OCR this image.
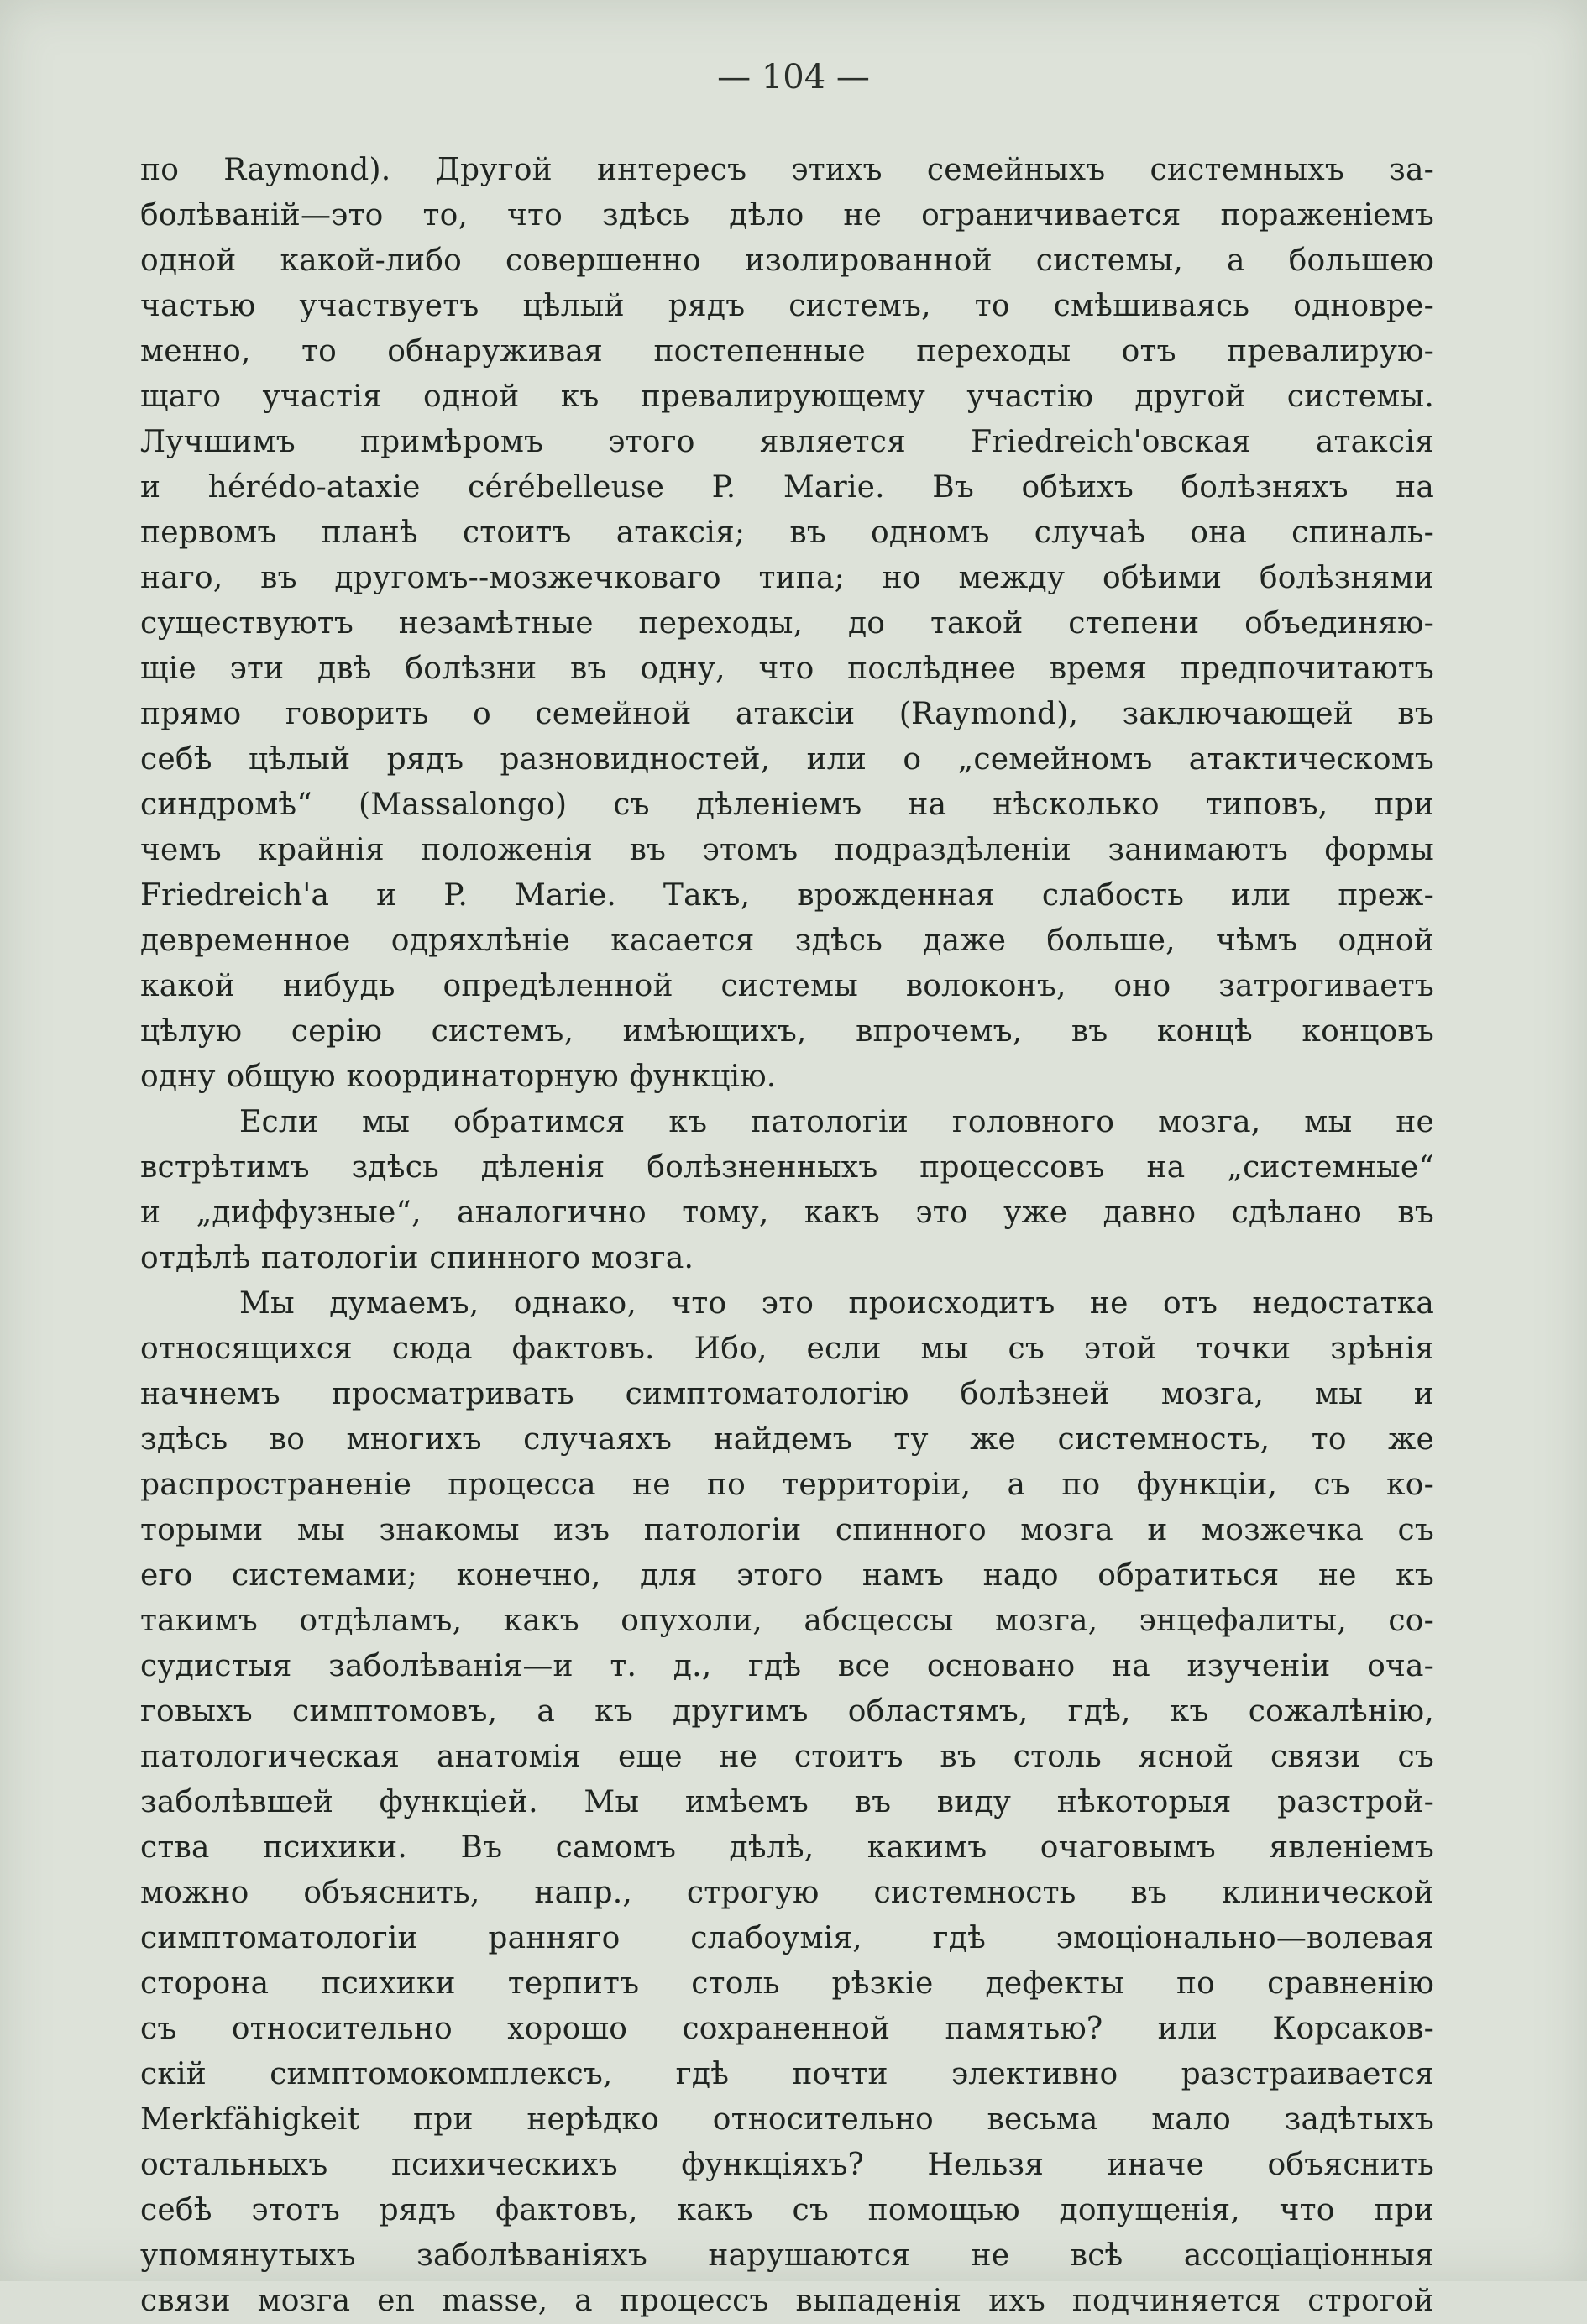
— 104 —
по Raymond). Другой интересъ этихъ семейныхъ системныхъ за-
болѣваній—это то, что здѣсь дѣло не ограничивается пораженіемъ
одной какой-либо совершенно изолированной системы, а большею
частью участвуетъ цѣлый рядъ системъ, то смѣшиваясь одновре-
менно, то обнаруживая постепенные переходы отъ превалирую-
щаго участія одной къ превалирующему участію другой системы.
Лучшимъ примѣромъ этого является Friedreich'овская атаксія
и hérédo-ataxie cérébelleuse P. Marie. Въ обѣихъ болѣзняхъ на
первомъ планѣ стоитъ атаксія; въ одномъ случаѣ она спиналь-
наго, въ другомъ--мозжечковаго типа; но между обѣими болѣзнями
существуютъ незамѣтные переходы, до такой степени объединяю-
щіе эти двѣ болѣзни въ одну, что послѣднее время предпочитаютъ
прямо говорить о семейной атаксіи (Raymond), заключающей въ
себѣ цѣлый рядъ разновидностей, или о „семейномъ атактическомъ
синдромѣ“ (Massalongo) съ дѣленіемъ на нѣсколько типовъ, при
чемъ крайнія положенія въ этомъ подраздѣленіи занимаютъ формы
Friedreich'a и P. Marie. Такъ, врожденная слабость или преж-
девременное одряхлѣніе касается здѣсь даже больше, чѣмъ одной
какой нибудь опредѣленной системы волоконъ, оно затрогиваетъ
цѣлую серію системъ, имѣющихъ, впрочемъ, въ концѣ концовъ
одну общую координаторную функцію.
Если мы обратимся къ патологіи головного мозга, мы не
встрѣтимъ здѣсь дѣленія болѣзненныхъ процессовъ на „системные“
и „диффузные“, аналогично тому, какъ это уже давно сдѣлано въ
отдѣлѣ патологіи спинного мозга.
Мы думаемъ, однако, что это происходитъ не отъ недостатка
относящихся сюда фактовъ. Ибо, если мы съ этой точки зрѣнія
начнемъ просматривать симптоматологію болѣзней мозга, мы и
здѣсь во многихъ случаяхъ найдемъ ту же системность, то же
распространеніе процесса не по территоріи, а по функціи, съ ко-
торыми мы знакомы изъ патологіи спинного мозга и мозжечка съ
его системами; конечно, для этого намъ надо обратиться не къ
такимъ отдѣламъ, какъ опухоли, абсцессы мозга, энцефалиты, со-
судистыя заболѣванія—и т. д., гдѣ все основано на изученіи оча-
говыхъ симптомовъ, а къ другимъ областямъ, гдѣ, къ сожалѣнію,
патологическая анатомія еще не стоитъ въ столь ясной связи съ
заболѣвшей функціей. Мы имѣемъ въ виду нѣкоторыя разстрой-
ства психики. Въ самомъ дѣлѣ, какимъ очаговымъ явленіемъ
можно объяснить, напр., строгую системность въ клинической
симптоматологіи ранняго слабоумія, гдѣ эмоціонально—волевая
сторона психики терпитъ столь рѣзкіе дефекты по сравненію
съ относительно хорошо сохраненной памятью? или Корсаков-
скій симптомокомплексъ, гдѣ почти элективно разстраивается
Merkfähigkeit при нерѣдко относительно весьма мало задѣтыхъ
остальныхъ психическихъ функціяхъ? Нельзя иначе объяснить
себѣ этотъ рядъ фактовъ, какъ съ помощью допущенія, что при
упомянутыхъ заболѣваніяхъ нарушаются не всѣ ассоціаціонныя
связи мозга en masse, а процессъ выпаденія ихъ подчиняется строгой
